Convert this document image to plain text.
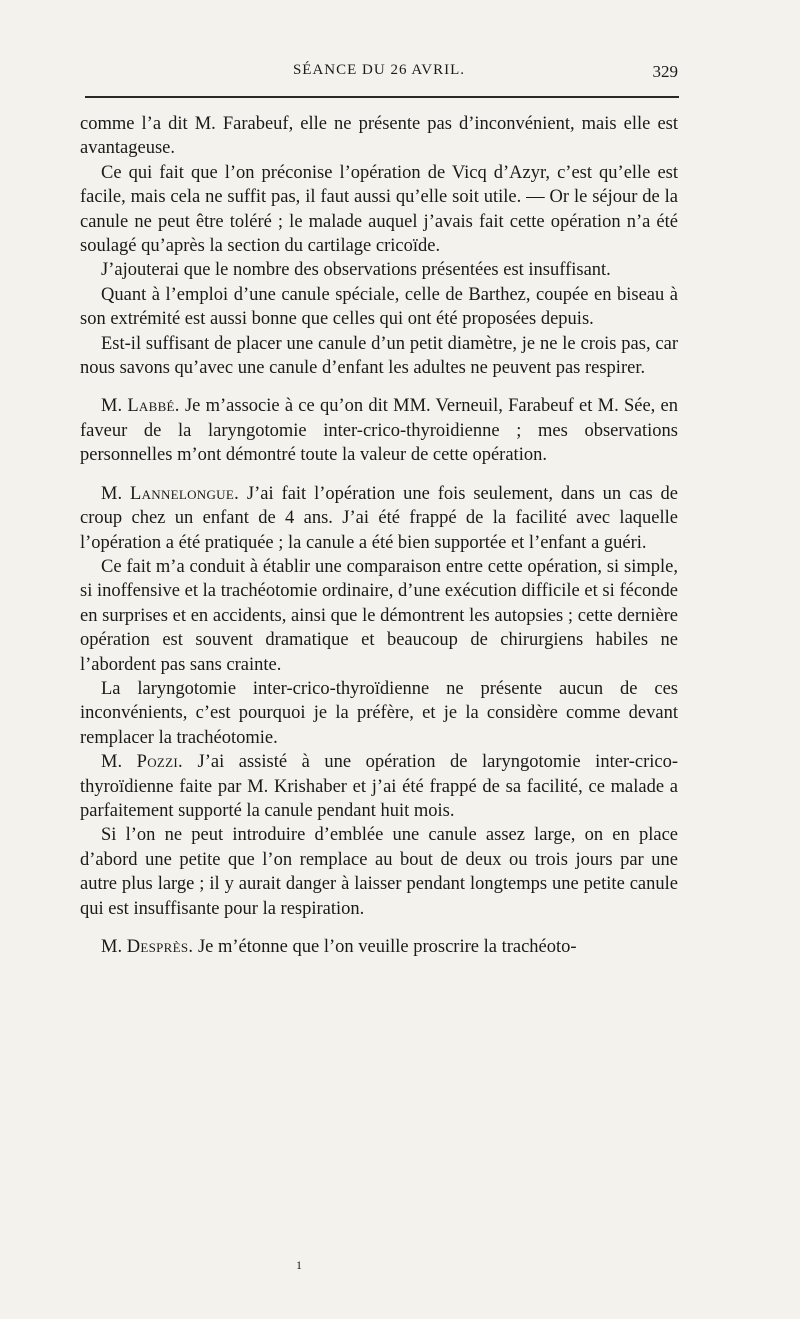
SÉANCE DU 26 AVRIL.	329

comme l’a dit M. Farabeuf, elle ne présente pas d’inconvénient, mais elle est avantageuse.

Ce qui fait que l’on préconise l’opération de Vicq d’Azyr, c’est qu’elle est facile, mais cela ne suffit pas, il faut aussi qu’elle soit utile. — Or le séjour de la canule ne peut être toléré ; le malade auquel j’avais fait cette opération n’a été soulagé qu’après la section du cartilage cricoïde.

J’ajouterai que le nombre des observations présentées est insuffisant.

Quant à l’emploi d’une canule spéciale, celle de Barthez, coupée en biseau à son extrémité est aussi bonne que celles qui ont été proposées depuis.

Est-il suffisant de placer une canule d’un petit diamètre, je ne le crois pas, car nous savons qu’avec une canule d’enfant les adultes ne peuvent pas respirer.

M. Labbé. Je m’associe à ce qu’on dit MM. Verneuil, Farabeuf et M. Sée, en faveur de la laryngotomie inter-crico-thyroidienne ; mes observations personnelles m’ont démontré toute la valeur de cette opération.

M. Lannelongue. J’ai fait l’opération une fois seulement, dans un cas de croup chez un enfant de 4 ans. J’ai été frappé de la facilité avec laquelle l’opération a été pratiquée ; la canule a été bien supportée et l’enfant a guéri.

Ce fait m’a conduit à établir une comparaison entre cette opération, si simple, si inoffensive et la trachéotomie ordinaire, d’une exécution difficile et si féconde en surprises et en accidents, ainsi que le démontrent les autopsies ; cette dernière opération est souvent dramatique et beaucoup de chirurgiens habiles ne l’abordent pas sans crainte.

La laryngotomie inter-crico-thyroïdienne ne présente aucun de ces inconvénients, c’est pourquoi je la préfère, et je la considère comme devant remplacer la trachéotomie.

M. Pozzi. J’ai assisté à une opération de laryngotomie inter-crico-thyroïdienne faite par M. Krishaber et j’ai été frappé de sa facilité, ce malade a parfaitement supporté la canule pendant huit mois.

Si l’on ne peut introduire d’emblée une canule assez large, on en place d’abord une petite que l’on remplace au bout de deux ou trois jours par une autre plus large ; il y aurait danger à laisser pendant longtemps une petite canule qui est insuffisante pour la respiration.

M. Desprès. Je m’étonne que l’on veuille proscrire la trachéoto-

1
